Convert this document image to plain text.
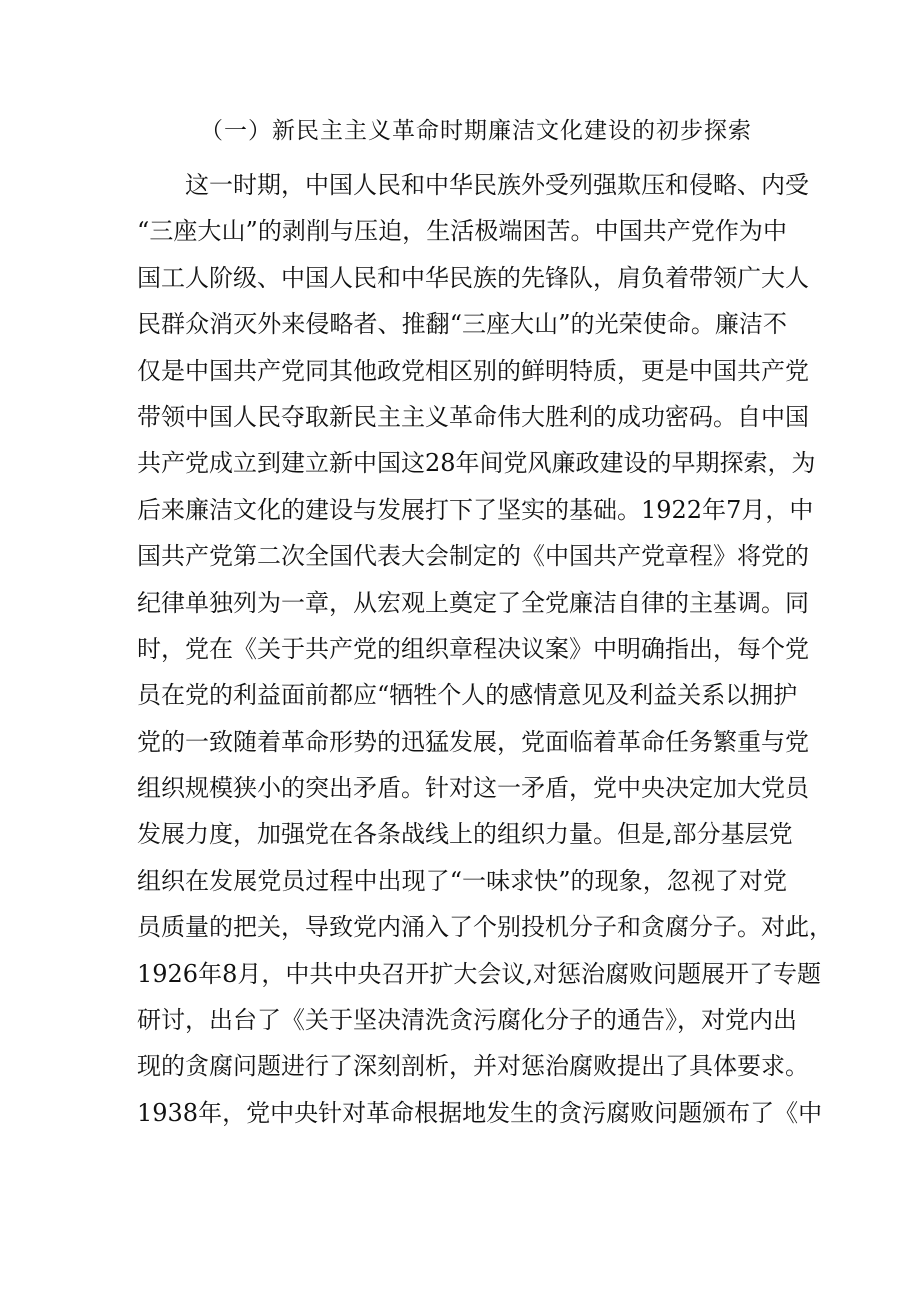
（一）新民主主义革命时期廉洁文化建设的初步探索
这一时期，中国人民和中华民族外受列强欺压和侵略、内受
“三座大山”的剥削与压迫，生活极端困苦。中国共产党作为中
国工人阶级、中国人民和中华民族的先锋队，肩负着带领广大人
民群众消灭外来侵略者、推翻“三座大山”的光荣使命。廉洁不
仅是中国共产党同其他政党相区别的鲜明特质，更是中国共产党
带领中国人民夺取新民主主义革命伟大胜利的成功密码。自中国
共产党成立到建立新中国这28年间党风廉政建设的早期探索，为
后来廉洁文化的建设与发展打下了坚实的基础。1922年7月，中
国共产党第二次全国代表大会制定的《中国共产党章程》将党的
纪律单独列为一章，从宏观上奠定了全党廉洁自律的主基调。同
时，党在《关于共产党的组织章程决议案》中明确指出，每个党
员在党的利益面前都应“牺牲个人的感情意见及利益关系以拥护
党的一致随着革命形势的迅猛发展，党面临着革命任务繁重与党
组织规模狭小的突出矛盾。针对这一矛盾，党中央决定加大党员
发展力度，加强党在各条战线上的组织力量。但是,部分基层党
组织在发展党员过程中出现了“一味求快”的现象，忽视了对党
员质量的把关，导致党内涌入了个别投机分子和贪腐分子。对此，
1926年8月，中共中央召开扩大会议,对惩治腐败问题展开了专题
研讨，出台了《关于坚决清洗贪污腐化分子的通告》，对党内出
现的贪腐问题进行了深刻剖析，并对惩治腐败提出了具体要求。
1938年，党中央针对革命根据地发生的贪污腐败问题颁布了《中
